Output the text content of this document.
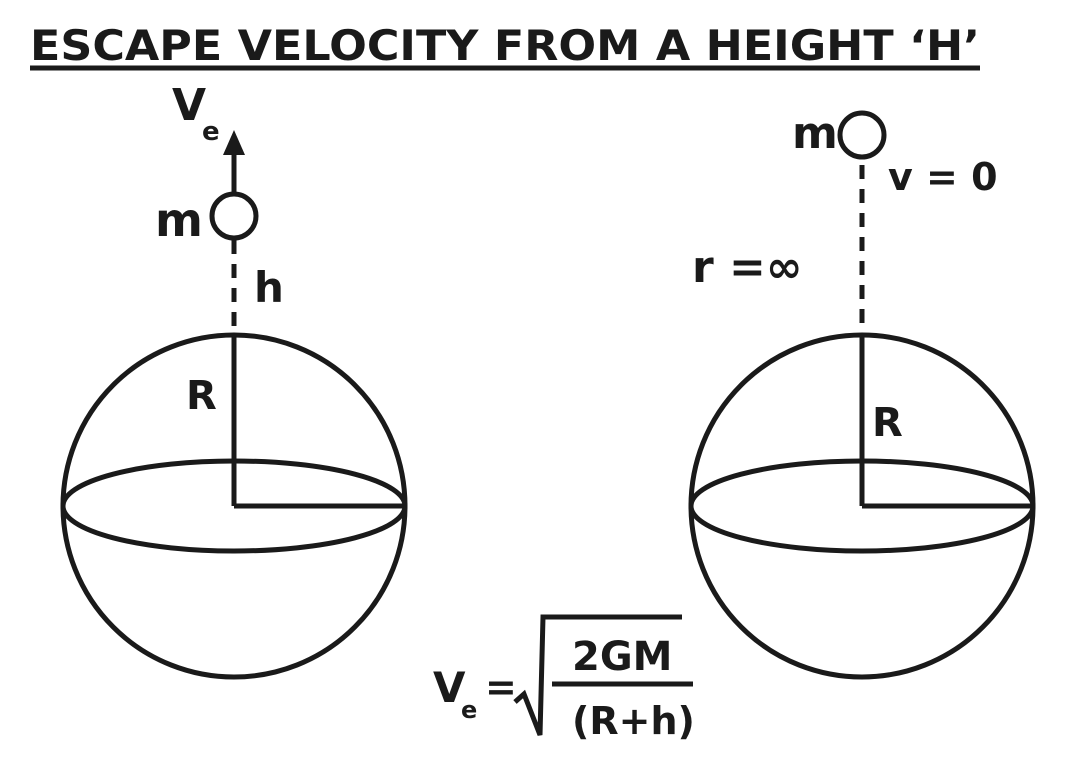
ESCAPE VELOCITY FROM A HEIGHT ‘H’
V
e
m
h
R
m
v = 0
r =∞
R
V
e
=
2GM
(R+h)
